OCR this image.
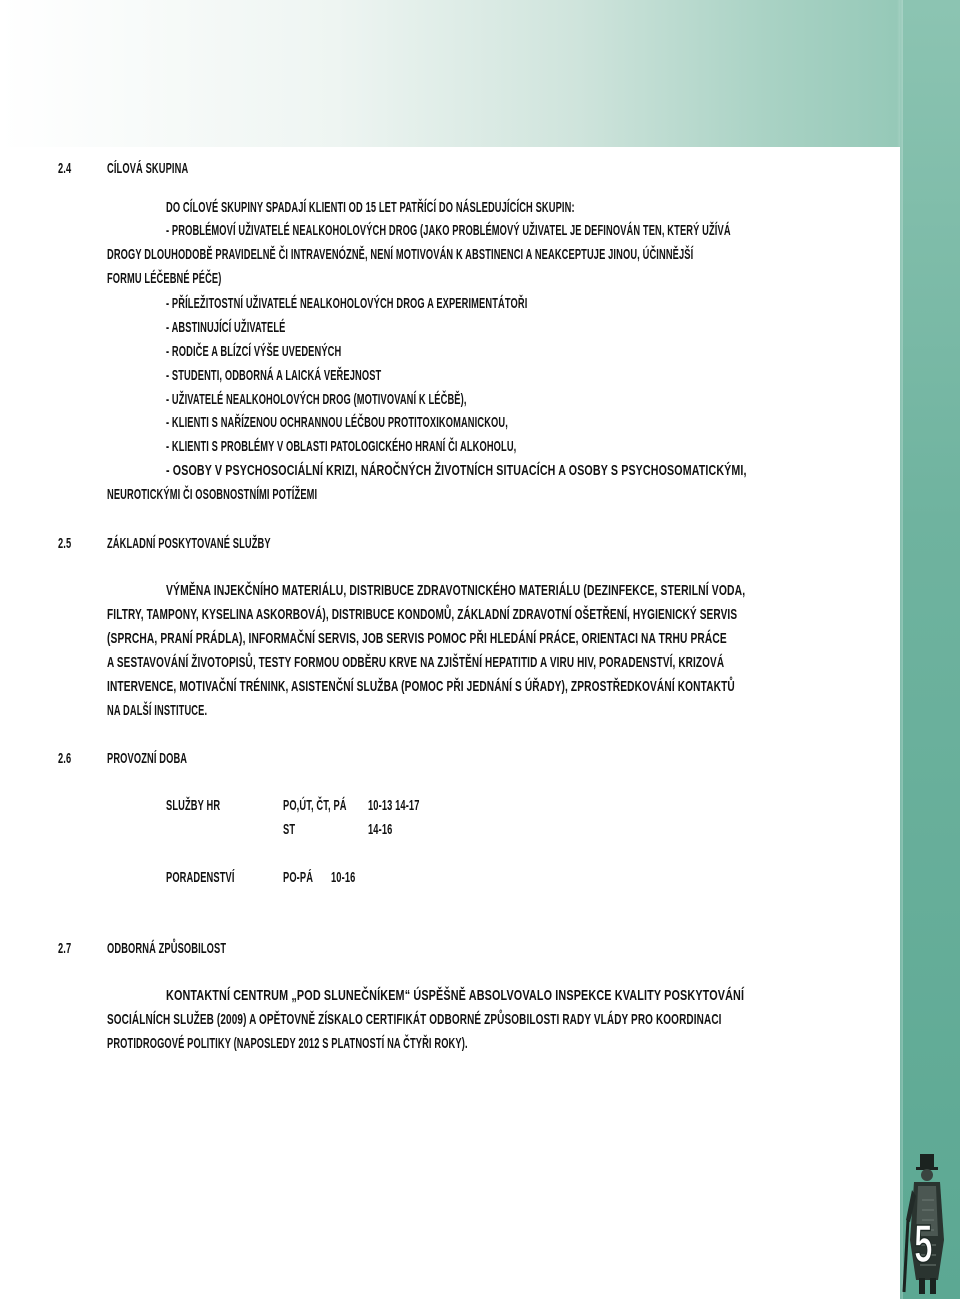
2.4 CÍLOVÁ SKUPINA
DO CÍLOVÉ SKUPINY SPADAJÍ KLIENTI OD 15 LET PATŘÍCÍ DO NÁSLEDUJÍCÍCH SKUPIN:
- PROBLÉMOVÍ UŽIVATELÉ NEALKOHOLOVÝCH DROG (JAKO PROBLÉMOVÝ UŽIVATEL JE DEFINOVÁN TEN, KTERÝ UŽÍVÁ
DROGY DLOUHODOBĚ PRAVIDELNĚ ČI INTRAVENÓZNĚ, NENÍ MOTIVOVÁN K ABSTINENCI A NEAKCEPTUJE JINOU, ÚČINNĚJŠÍ
FORMU LÉČEBNÉ PÉČE)
- PŘÍLEŽITOSTNÍ UŽIVATELÉ NEALKOHOLOVÝCH DROG A EXPERIMENTÁTOŘI
- ABSTINUJÍCÍ UŽIVATELÉ
- RODIČE A BLÍZCÍ VÝŠE UVEDENÝCH
- STUDENTI, ODBORNÁ A LAICKÁ VEŘEJNOST
- UŽIVATELÉ NEALKOHOLOVÝCH DROG (MOTIVOVANÍ K LÉČBĚ),
- KLIENTI S NAŘÍZENOU OCHRANNOU LÉČBOU PROTITOXIKOMANICKOU,
- KLIENTI S PROBLÉMY V OBLASTI PATOLOGICKÉHO HRANÍ ČI ALKOHOLU,
- OSOBY V PSYCHOSOCIÁLNÍ KRIZI, NÁROČNÝCH ŽIVOTNÍCH SITUACÍCH A OSOBY S PSYCHOSOMATICKÝMI,
NEUROTICKÝMI ČI OSOBNOSTNÍMI POTÍŽEMI
2.5 ZÁKLADNÍ POSKYTOVANÉ SLUŽBY
VÝMĚNA INJEKČNÍHO MATERIÁLU, DISTRIBUCE ZDRAVOTNICKÉHO MATERIÁLU (DEZINFEKCE, STERILNÍ VODA,
FILTRY, TAMPONY, KYSELINA ASKORBOVÁ), DISTRIBUCE KONDOMŮ, ZÁKLADNÍ ZDRAVOTNÍ OŠETŘENÍ, HYGIENICKÝ SERVIS
(SPRCHA, PRANÍ PRÁDLA), INFORMAČNÍ SERVIS, JOB SERVIS POMOC PŘI HLEDÁNÍ PRÁCE, ORIENTACI NA TRHU PRÁCE
A SESTAVOVÁNÍ ŽIVOTOPISŮ, TESTY FORMOU ODBĚRU KRVE NA ZJIŠTĚNÍ HEPATITID A VIRU HIV, PORADENSTVÍ, KRIZOVÁ
INTERVENCE, MOTIVAČNÍ TRÉNINK, ASISTENČNÍ SLUŽBA (POMOC PŘI JEDNÁNÍ S ÚŘADY), ZPROSTŘEDKOVÁNÍ KONTAKTŮ
NA DALŠÍ INSTITUCE.
2.6 PROVOZNÍ DOBA
SLUŽBY HR	PO,ÚT, ČT, PÁ 10-13 14-17
ST	14-16
PORADENSTVÍ	PO-PÁ 10-16
2.7 ODBORNÁ ZPŮSOBILOST
KONTAKTNÍ CENTRUM „POD SLUNEČNÍKEM“ ÚSPĚŠNĚ ABSOLVOVALO INSPEKCE KVALITY POSKYTOVÁNÍ
SOCIÁLNÍCH SLUŽEB (2009) A OPĚTOVNĚ ZÍSKALO CERTIFIKÁT ODBORNÉ ZPŮSOBILOSTI RADY VLÁDY PRO KOORDINACI
PROTIDROGOVÉ POLITIKY (NAPOSLEDY 2012 S PLATNOSTÍ NA ČTYŘI ROKY).
5
